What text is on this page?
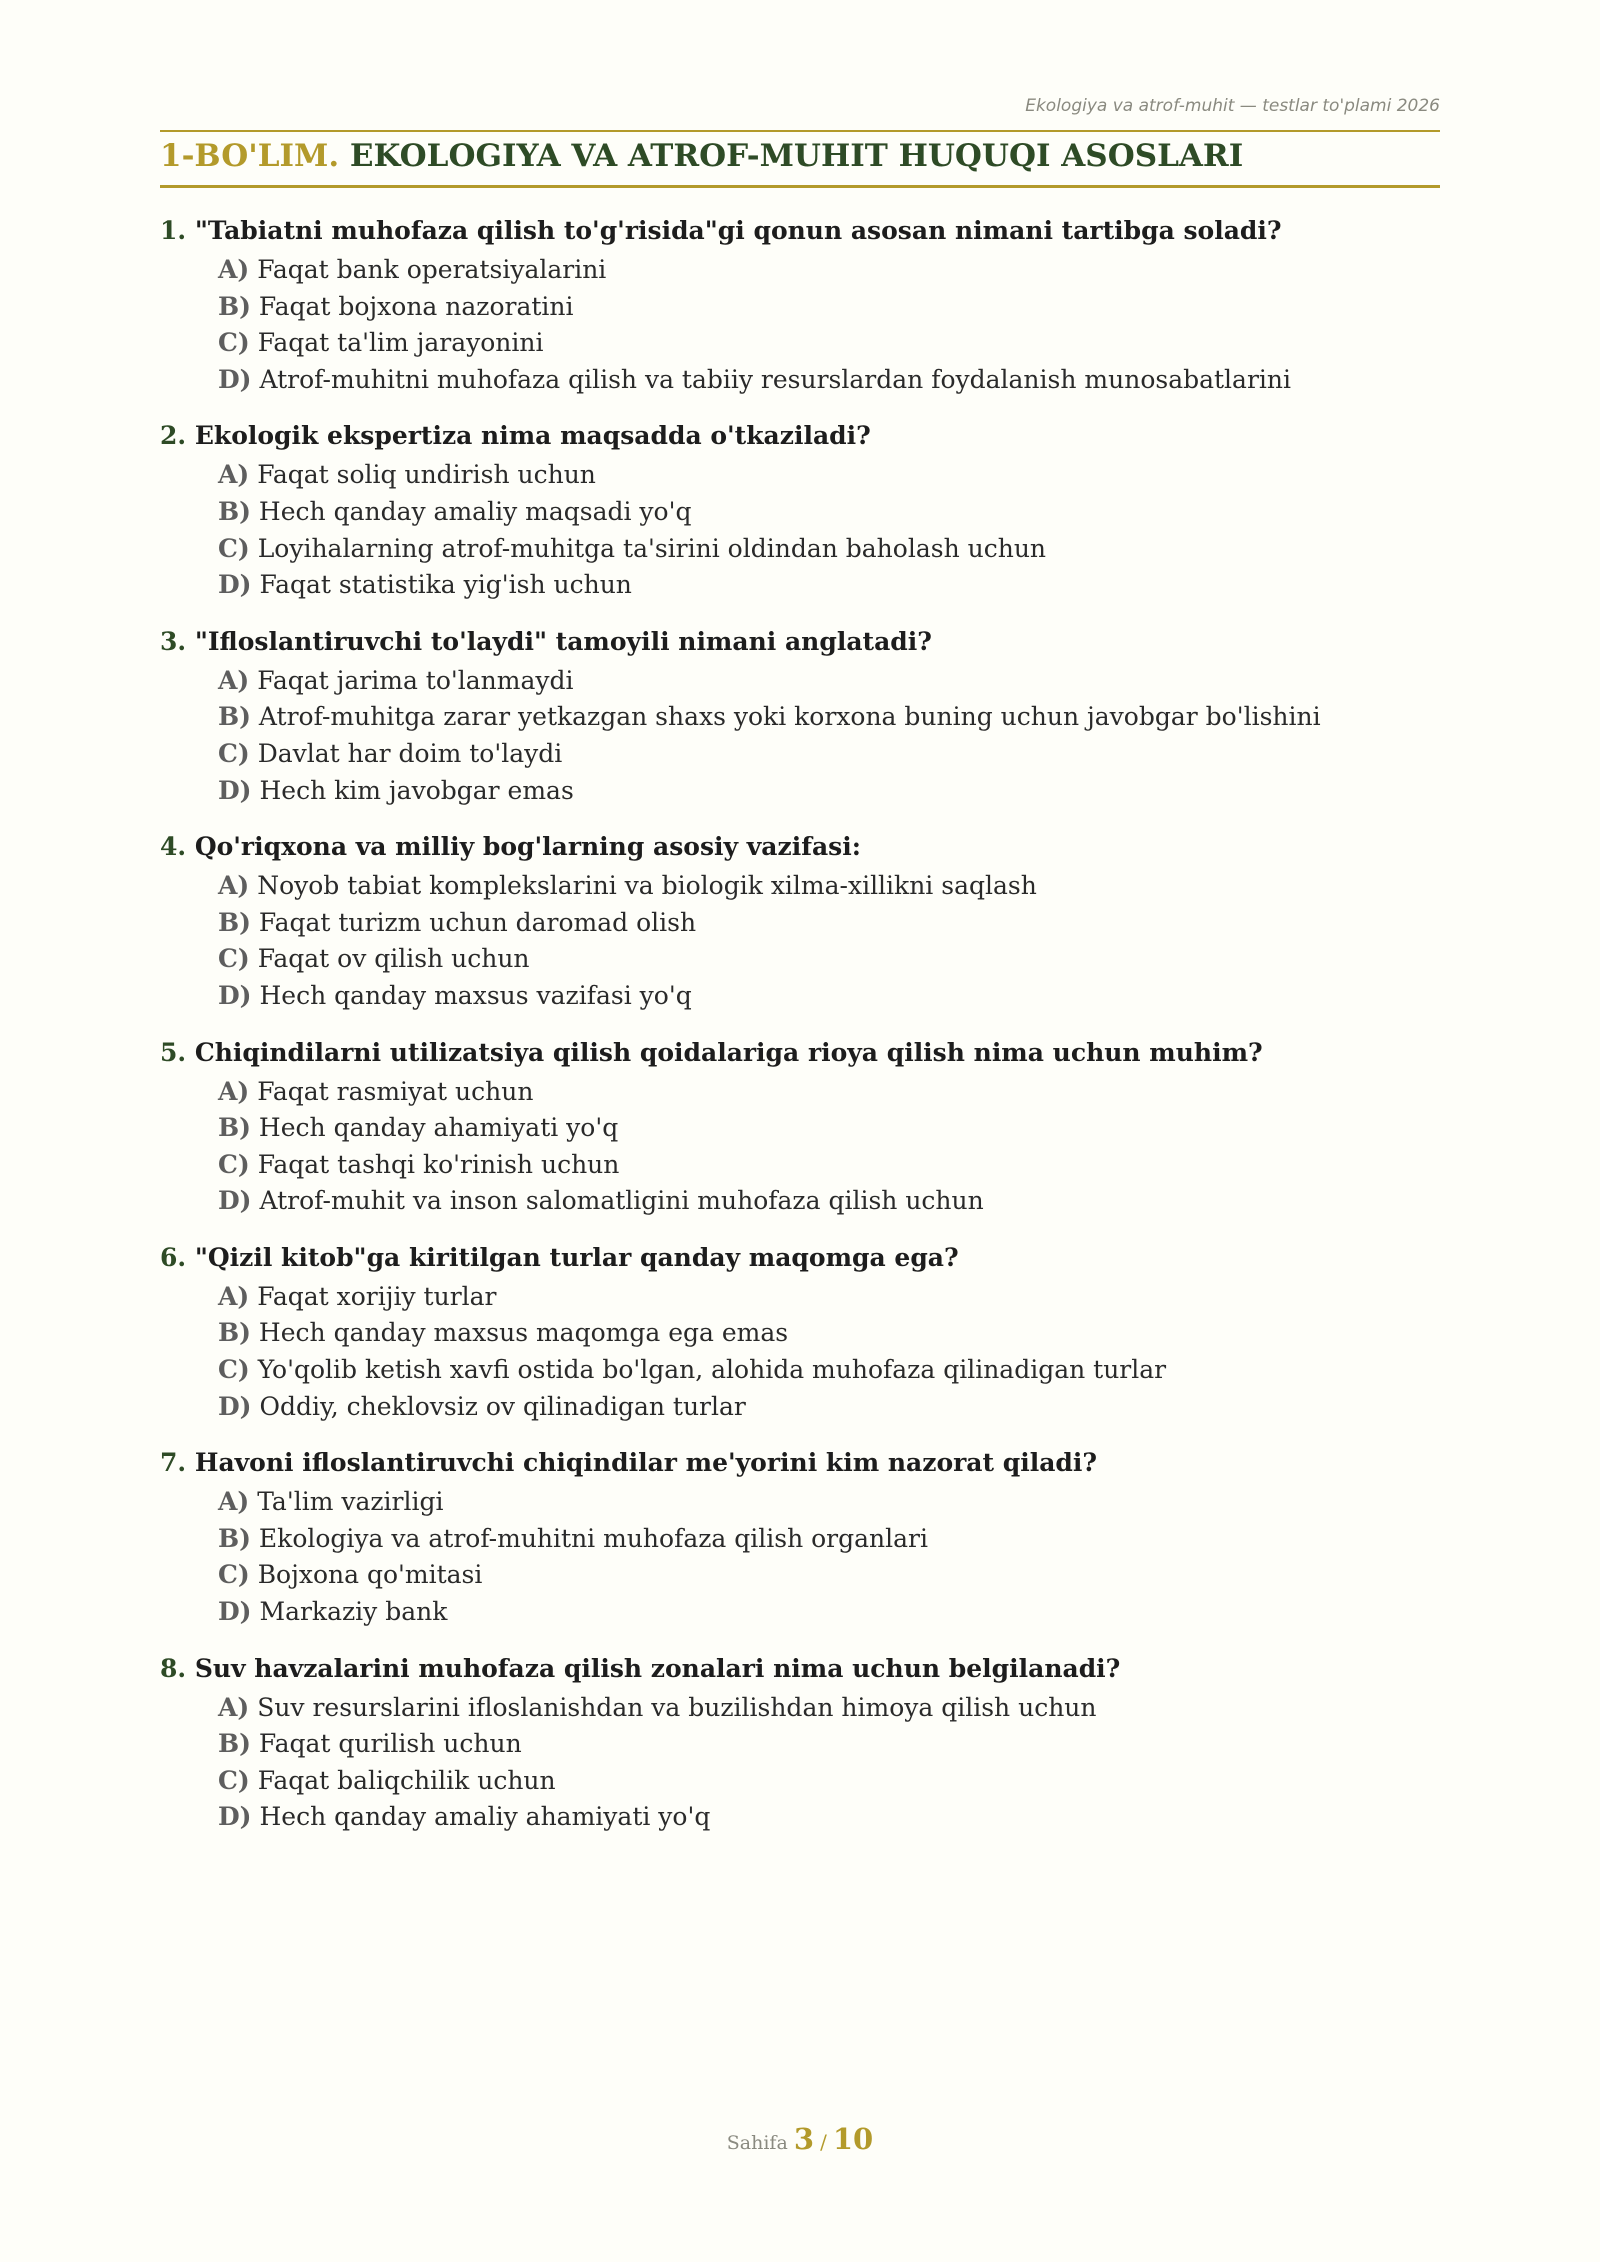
Ekologiya va atrof-muhit — testlar to'plami 2026
1-BO'LIM. EKOLOGIYA VA ATROF-MUHIT HUQUQI ASOSLARI
1. "Tabiatni muhofaza qilish to'g'risida"gi qonun asosan nimani tartibga soladi?
A) Faqat bank operatsiyalarini
B) Faqat bojxona nazoratini
C) Faqat ta'lim jarayonini
D) Atrof-muhitni muhofaza qilish va tabiiy resurslardan foydalanish munosabatlarini
2. Ekologik ekspertiza nima maqsadda o'tkaziladi?
A) Faqat soliq undirish uchun
B) Hech qanday amaliy maqsadi yo'q
C) Loyihalarning atrof-muhitga ta'sirini oldindan baholash uchun
D) Faqat statistika yig'ish uchun
3. "Ifloslantiruvchi to'laydi" tamoyili nimani anglatadi?
A) Faqat jarima to'lanmaydi
B) Atrof-muhitga zarar yetkazgan shaxs yoki korxona buning uchun javobgar bo'lishini
C) Davlat har doim to'laydi
D) Hech kim javobgar emas
4. Qo'riqxona va milliy bog'larning asosiy vazifasi:
A) Noyob tabiat komplekslarini va biologik xilma-xillikni saqlash
B) Faqat turizm uchun daromad olish
C) Faqat ov qilish uchun
D) Hech qanday maxsus vazifasi yo'q
5. Chiqindilarni utilizatsiya qilish qoidalariga rioya qilish nima uchun muhim?
A) Faqat rasmiyat uchun
B) Hech qanday ahamiyati yo'q
C) Faqat tashqi ko'rinish uchun
D) Atrof-muhit va inson salomatligini muhofaza qilish uchun
6. "Qizil kitob"ga kiritilgan turlar qanday maqomga ega?
A) Faqat xorijiy turlar
B) Hech qanday maxsus maqomga ega emas
C) Yo'qolib ketish xavfi ostida bo'lgan, alohida muhofaza qilinadigan turlar
D) Oddiy, cheklovsiz ov qilinadigan turlar
7. Havoni ifloslantiruvchi chiqindilar me'yorini kim nazorat qiladi?
A) Ta'lim vazirligi
B) Ekologiya va atrof-muhitni muhofaza qilish organlari
C) Bojxona qo'mitasi
D) Markaziy bank
8. Suv havzalarini muhofaza qilish zonalari nima uchun belgilanadi?
A) Suv resurslarini ifloslanishdan va buzilishdan himoya qilish uchun
B) Faqat qurilish uchun
C) Faqat baliqchilik uchun
D) Hech qanday amaliy ahamiyati yo'q
Sahifa 3 / 10
